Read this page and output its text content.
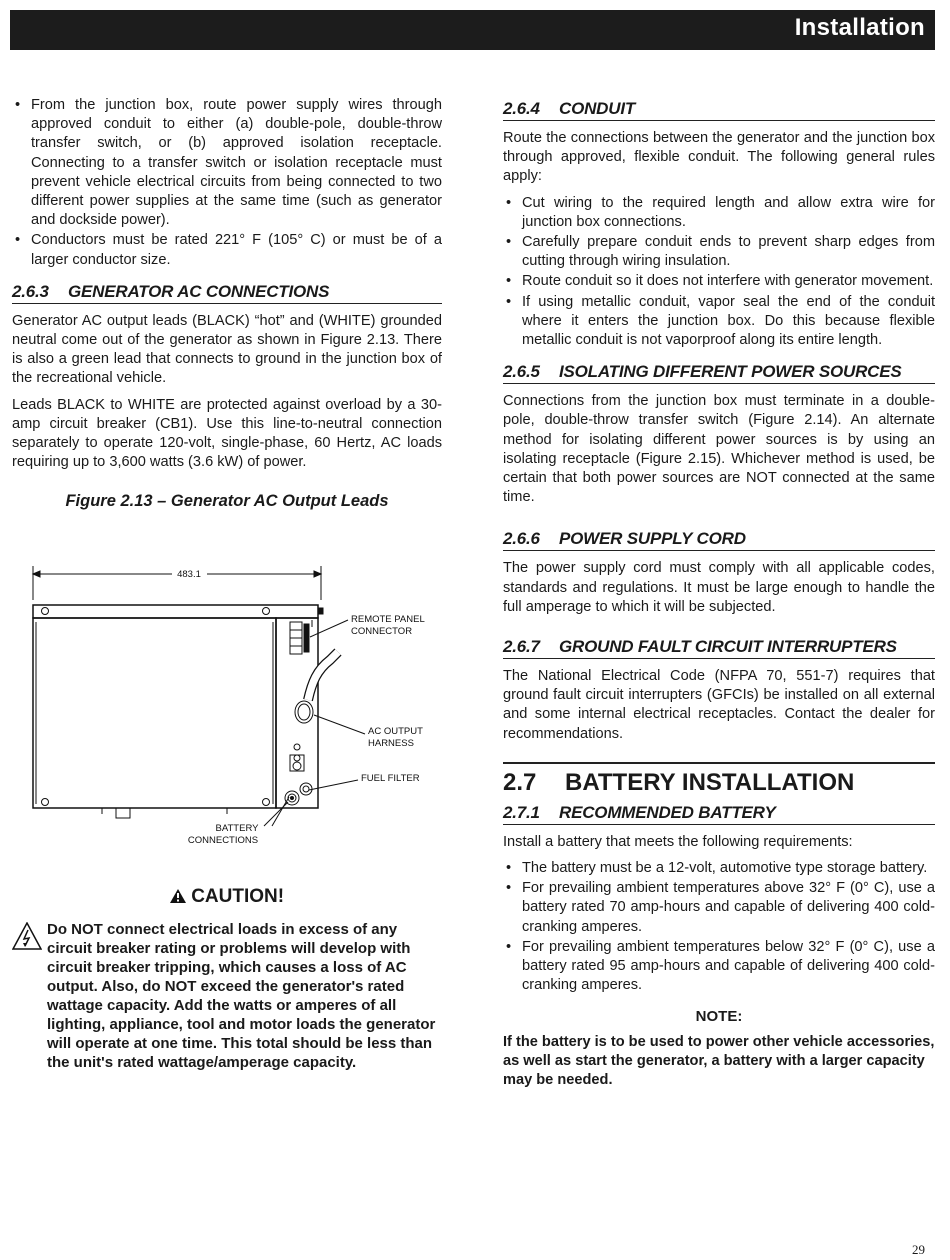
Installation
• From the junction box, route power supply wires through approved conduit to either (a) double-pole, double-throw transfer switch, or (b) approved isolation receptacle. Connecting to a transfer switch or isolation receptacle must prevent vehicle electrical circuits from being connected to two different power supplies at the same time (such as generator and dockside power).
• Conductors must be rated 221° F (105° C) or must be of a larger conductor size.
2.6.3 GENERATOR AC CONNECTIONS

Generator AC output leads (BLACK) “hot” and (WHITE) grounded neutral come out of the generator as shown in Figure 2.13. There is also a green lead that connects to ground in the junction box of the recreational vehicle.

Leads BLACK to WHITE are protected against overload by a 30-amp circuit breaker (CB1). Use this line-to-neutral connection separately to operate 120-volt, single-phase, 60 Hertz, AC loads requiring up to 3,600 watts (3.6 kW) of power.

Figure 2.13 – Generator AC Output Leads
483.1
REMOTE PANEL
CONNECTOR
AC OUTPUT
HARNESS
FUEL FILTER
BATTERY
CONNECTIONS
CAUTION!
Do NOT connect electrical loads in excess of any circuit breaker rating or problems will develop with circuit breaker tripping, which causes a loss of AC output. Also, do NOT exceed the generator's rated wattage capacity. Add the watts or amperes of all lighting, appliance, tool and motor loads the generator will operate at one time. This total should be less than the unit's rated wattage/amperage capacity.
2.6.4 CONDUIT

Route the connections between the generator and the junction box through approved, flexible conduit. The following general rules apply:

• Cut wiring to the required length and allow extra wire for junction box connections.
• Carefully prepare conduit ends to prevent sharp edges from cutting through wiring insulation.
• Route conduit so it does not interfere with generator movement.
• If using metallic conduit, vapor seal the end of the conduit where it enters the junction box. Do this because flexible metallic conduit is not vaporproof along its entire length.
2.6.5 ISOLATING DIFFERENT POWER SOURCES

Connections from the junction box must terminate in a double-pole, double-throw transfer switch (Figure 2.14). An alternate method for isolating different power sources is by using an isolating receptacle (Figure 2.15). Whichever method is used, be certain that both power sources are NOT connected at the same time.

2.6.6 POWER SUPPLY CORD

The power supply cord must comply with all applicable codes, standards and regulations. It must be large enough to handle the full amperage to which it will be subjected.

2.6.7 GROUND FAULT CIRCUIT INTERRUPTERS

The National Electrical Code (NFPA 70, 551-7) requires that ground fault circuit interrupters (GFCIs) be installed on all external and some internal electrical receptacles. Contact the dealer for recommendations.

2.7 BATTERY INSTALLATION
2.7.1 RECOMMENDED BATTERY

Install a battery that meets the following requirements:

• The battery must be a 12-volt, automotive type storage battery.
• For prevailing ambient temperatures above 32° F (0° C), use a battery rated 70 amp-hours and capable of delivering 400 cold-cranking amperes.
• For prevailing ambient temperatures below 32° F (0° C), use a battery rated 95 amp-hours and capable of delivering 400 cold-cranking amperes.
NOTE:
If the battery is to be used to power other vehicle accessories, as well as start the generator, a battery with a larger capacity may be needed.
29
